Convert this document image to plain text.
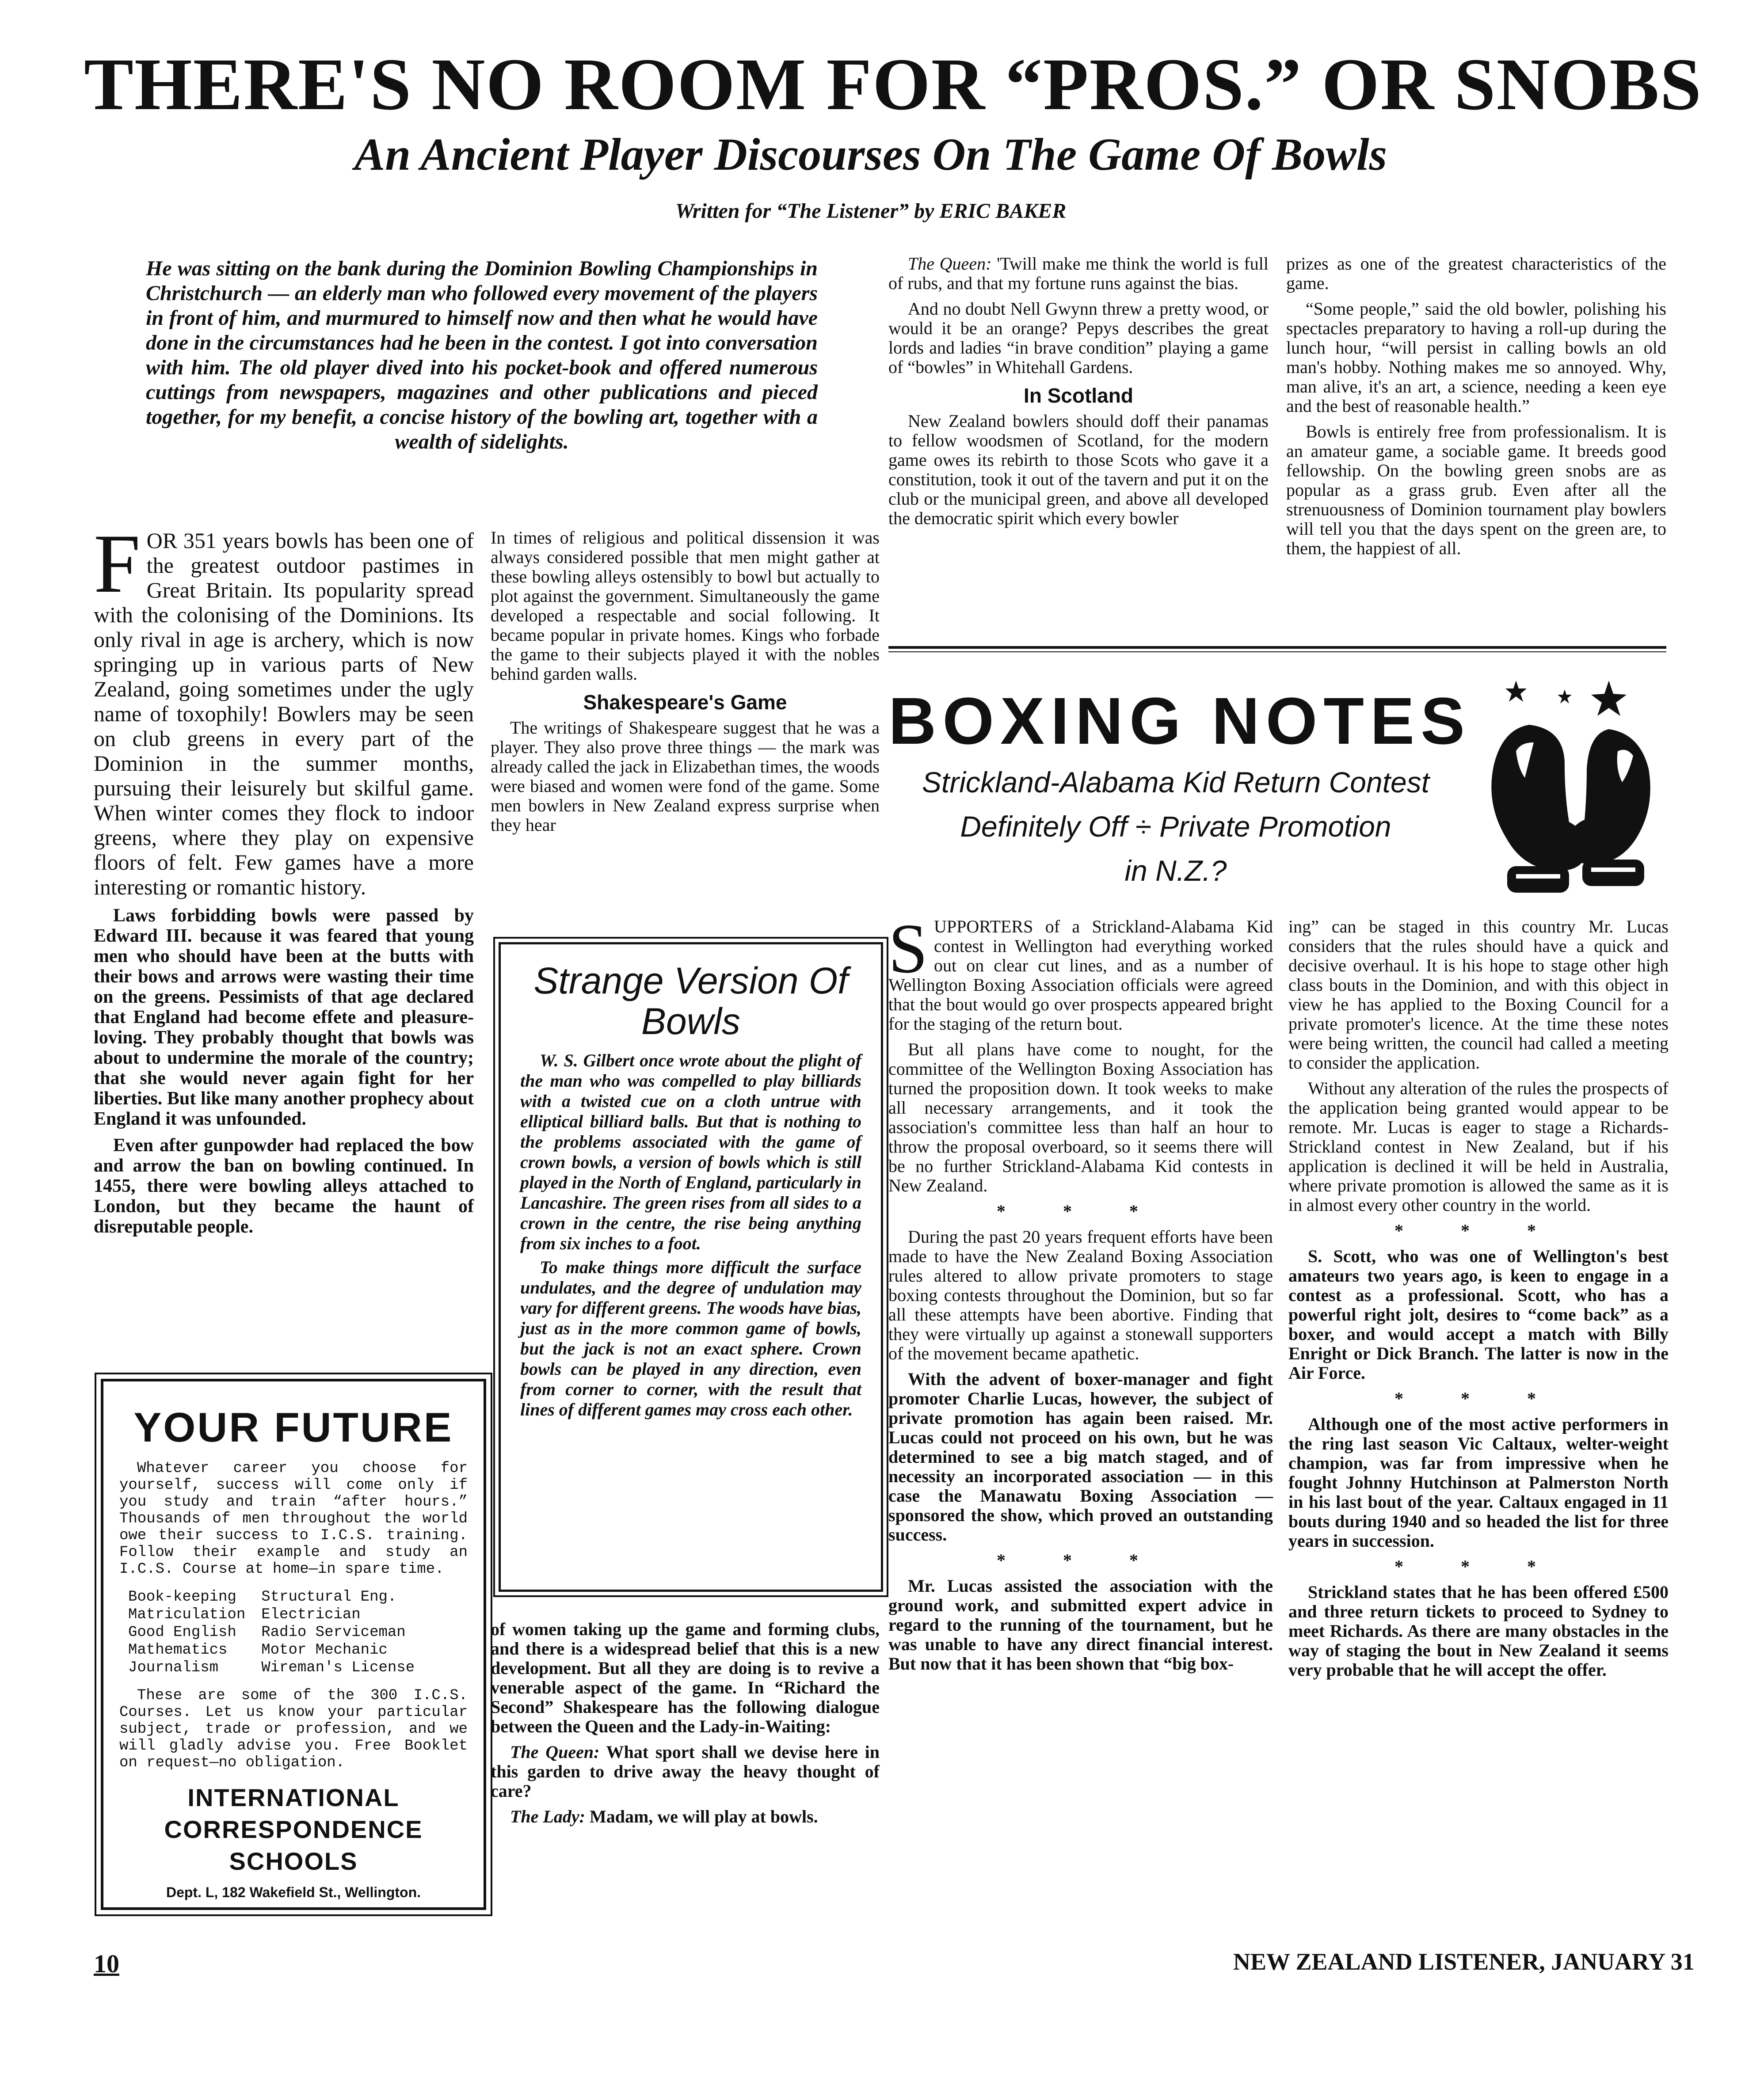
THERE'S NO ROOM FOR “PROS.” OR SNOBS
An Ancient Player Discourses On The Game Of Bowls
Written for “The Listener” by ERIC BAKER

He was sitting on the bank during the Dominion Bowling Championships in Christchurch — an elderly man who followed every movement of the players in front of him, and murmured to himself now and then what he would have done in the circumstances had he been in the contest. I got into conversation with him. The old player dived into his pocket-book and offered numerous cuttings from newspapers, magazines and other publications and pieced together, for my benefit, a concise history of the bowling art, together with a wealth of sidelights.

FOR 351 years bowls has been one of the greatest outdoor pastimes in Great Britain. Its popularity spread with the colonising of the Dominions. Its only rival in age is archery, which is now springing up in various parts of New Zealand, going sometimes under the ugly name of toxophily! Bowlers may be seen on club greens in every part of the Dominion in the summer months, pursuing their leisurely but skilful game. When winter comes they flock to indoor greens, where they play on expensive floors of felt. Few games have a more interesting or romantic history.

Laws forbidding bowls were passed by Edward III. because it was feared that young men who should have been at the butts with their bows and arrows were wasting their time on the greens. Pessimists of that age declared that England had become effete and pleasure-loving. They probably thought that bowls was about to undermine the morale of the country; that she would never again fight for her liberties. But like many another prophecy about England it was unfounded.

Even after gunpowder had replaced the bow and arrow the ban on bowling continued. In 1455, there were bowling alleys attached to London, but they became the haunt of disreputable people.

YOUR FUTURE
Whatever career you choose for yourself, success will come only if you study and train “after hours.” Thousands of men throughout the world owe their success to I.C.S. training. Follow their example and study an I.C.S. Course at home—in spare time.
Book-keeping	Structural Eng.
Matriculation	Electrician
Good English	Radio Serviceman
Mathematics	Motor Mechanic
Journalism	Wireman's License
These are some of the 300 I.C.S. Courses. Let us know your particular subject, trade or profession, and we will gladly advise you. Free Booklet on request—no obligation.
INTERNATIONAL
CORRESPONDENCE SCHOOLS
Dept. L, 182 Wakefield St., Wellington.

In times of religious and political dissension it was always considered possible that men might gather at these bowling alleys ostensibly to bowl but actually to plot against the government. Simultaneously the game developed a respectable and social following. It became popular in private homes. Kings who forbade the game to their subjects played it with the nobles behind garden walls.

Shakespeare's Game

The writings of Shakespeare suggest that he was a player. They also prove three things — the mark was already called the jack in Elizabethan times, the woods were biased and women were fond of the game. Some men bowlers in New Zealand express surprise when they hear

Strange Version Of
Bowls

W. S. Gilbert once wrote about the plight of the man who was compelled to play billiards with a twisted cue on a cloth untrue with elliptical billiard balls. But that is nothing to the problems associated with the game of crown bowls, a version of bowls which is still played in the North of England, particularly in Lancashire. The green rises from all sides to a crown in the centre, the rise being anything from six inches to a foot.

To make things more difficult the surface undulates, and the degree of undulation may vary for different greens. The woods have bias, just as in the more common game of bowls, but the jack is not an exact sphere. Crown bowls can be played in any direction, even from corner to corner, with the result that lines of different games may cross each other.

of women taking up the game and forming clubs, and there is a widespread belief that this is a new development. But all they are doing is to revive a venerable aspect of the game. In “Richard the Second” Shakespeare has the following dialogue between the Queen and the Lady-in-Waiting:

The Queen: What sport shall we devise here in this garden to drive away the heavy thought of care?

The Lady: Madam, we will play at bowls.

The Queen: 'Twill make me think the world is full of rubs, and that my fortune runs against the bias.

And no doubt Nell Gwynn threw a pretty wood, or would it be an orange? Pepys describes the great lords and ladies “in brave condition” playing a game of “bowles” in Whitehall Gardens.

In Scotland

New Zealand bowlers should doff their panamas to fellow woodsmen of Scotland, for the modern game owes its rebirth to those Scots who gave it a constitution, took it out of the tavern and put it on the club or the municipal green, and above all developed the democratic spirit which every bowler

prizes as one of the greatest characteristics of the game.

“Some people,” said the old bowler, polishing his spectacles preparatory to having a roll-up during the lunch hour, “will persist in calling bowls an old man's hobby. Nothing makes me so annoyed. Why, man alive, it's an art, a science, needing a keen eye and the best of reasonable health.”

Bowls is entirely free from professionalism. It is an amateur game, a sociable game. It breeds good fellowship. On the bowling green snobs are as popular as a grass grub. Even after all the strenuousness of Dominion tournament play bowlers will tell you that the days spent on the green are, to them, the happiest of all.

BOXING NOTES
Strickland-Alabama Kid Return Contest
Definitely Off ÷ Private Promotion
in N.Z.?

SUPPORTERS of a Strickland-Alabama Kid contest in Wellington had everything worked out on clear cut lines, and as a number of Wellington Boxing Association officials were agreed that the bout would go over prospects appeared bright for the staging of the return bout.

But all plans have come to nought, for the committee of the Wellington Boxing Association has turned the proposition down. It took weeks to make all necessary arrangements, and it took the association's committee less than half an hour to throw the proposal overboard, so it seems there will be no further Strickland-Alabama Kid contests in New Zealand.

* * *

During the past 20 years frequent efforts have been made to have the New Zealand Boxing Association rules altered to allow private promoters to stage boxing contests throughout the Dominion, but so far all these attempts have been abortive. Finding that they were virtually up against a stonewall supporters of the movement became apathetic.

With the advent of boxer-manager and fight promoter Charlie Lucas, however, the subject of private promotion has again been raised. Mr. Lucas could not proceed on his own, but he was determined to see a big match staged, and of necessity an incorporated association — in this case the Manawatu Boxing Association — sponsored the show, which proved an outstanding success.

* * *

Mr. Lucas assisted the association with the ground work, and submitted expert advice in regard to the running of the tournament, but he was unable to have any direct financial interest. But now that it has been shown that “big box-

ing” can be staged in this country Mr. Lucas considers that the rules should have a quick and decisive overhaul. It is his hope to stage other high class bouts in the Dominion, and with this object in view he has applied to the Boxing Council for a private promoter's licence. At the time these notes were being written, the council had called a meeting to consider the application.

Without any alteration of the rules the prospects of the application being granted would appear to be remote. Mr. Lucas is eager to stage a Richards-Strickland contest in New Zealand, but if his application is declined it will be held in Australia, where private promotion is allowed the same as it is in almost every other country in the world.

* * *

S. Scott, who was one of Wellington's best amateurs two years ago, is keen to engage in a contest as a professional. Scott, who has a powerful right jolt, desires to “come back” as a boxer, and would accept a match with Billy Enright or Dick Branch. The latter is now in the Air Force.

* * *

Although one of the most active performers in the ring last season Vic Caltaux, welter-weight champion, was far from impressive when he fought Johnny Hutchinson at Palmerston North in his last bout of the year. Caltaux engaged in 11 bouts during 1940 and so headed the list for three years in succession.

* * *

Strickland states that he has been offered £500 and three return tickets to proceed to Sydney to meet Richards. As there are many obstacles in the way of staging the bout in New Zealand it seems very probable that he will accept the offer.

10	NEW ZEALAND LISTENER, JANUARY 31
